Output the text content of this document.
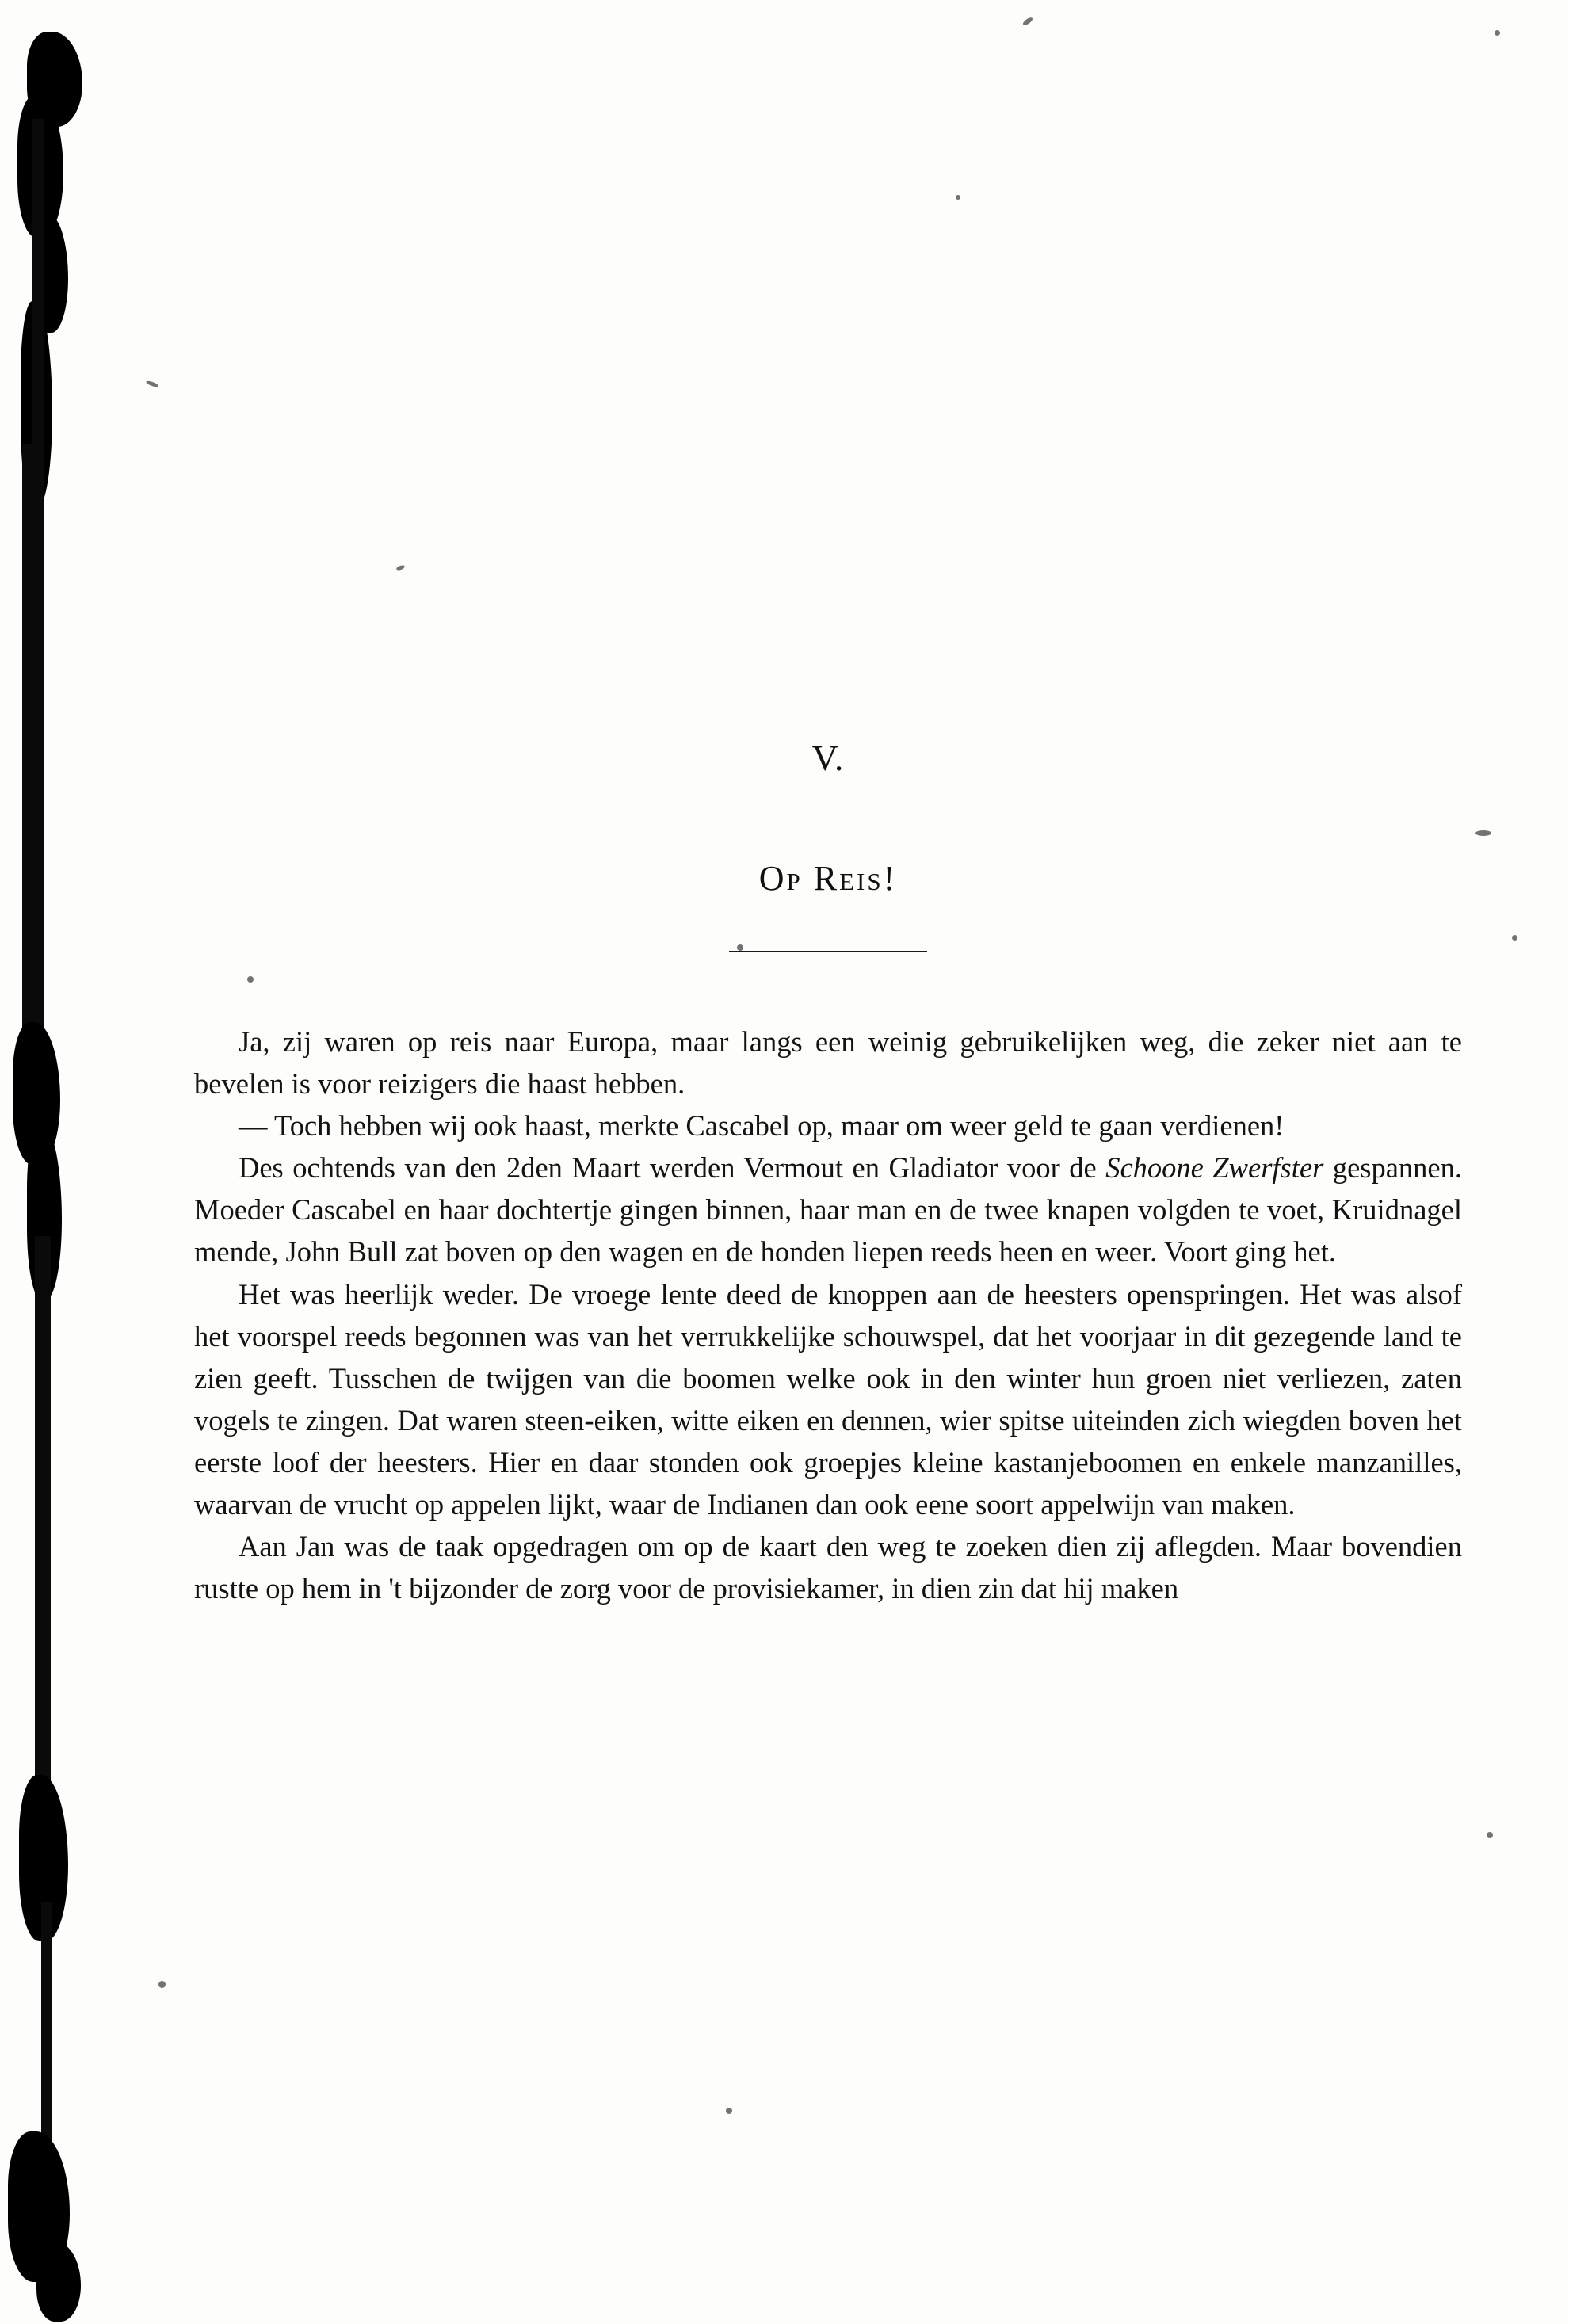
V.
Op Reis!

Ja, zij waren op reis naar Europa, maar langs een weinig gebruikelijken weg, die zeker niet aan te bevelen is voor reizigers die haast hebben.

— Toch hebben wij ook haast, merkte Cascabel op, maar om weer geld te gaan verdienen!

Des ochtends van den 2den Maart werden Vermout en Gladiator voor de Schoone Zwerfster gespannen. Moeder Cascabel en haar dochtertje gingen binnen, haar man en de twee knapen volgden te voet, Kruidnagel mende, John Bull zat boven op den wagen en de honden liepen reeds heen en weer. Voort ging het.

Het was heerlijk weder. De vroege lente deed de knoppen aan de heesters openspringen. Het was alsof het voorspel reeds begonnen was van het verrukkelijke schouwspel, dat het voorjaar in dit gezegende land te zien geeft. Tusschen de twijgen van die boomen welke ook in den winter hun groen niet verliezen, zaten vogels te zingen. Dat waren steen-eiken, witte eiken en dennen, wier spitse uiteinden zich wiegden boven het eerste loof der heesters. Hier en daar stonden ook groepjes kleine kastanjeboomen en enkele manzanilles, waarvan de vrucht op appelen lijkt, waar de Indianen dan ook eene soort appelwijn van maken.

Aan Jan was de taak opgedragen om op de kaart den weg te zoeken dien zij aflegden. Maar bovendien rustte op hem in 't bijzonder de zorg voor de provisiekamer, in dien zin dat hij maken
